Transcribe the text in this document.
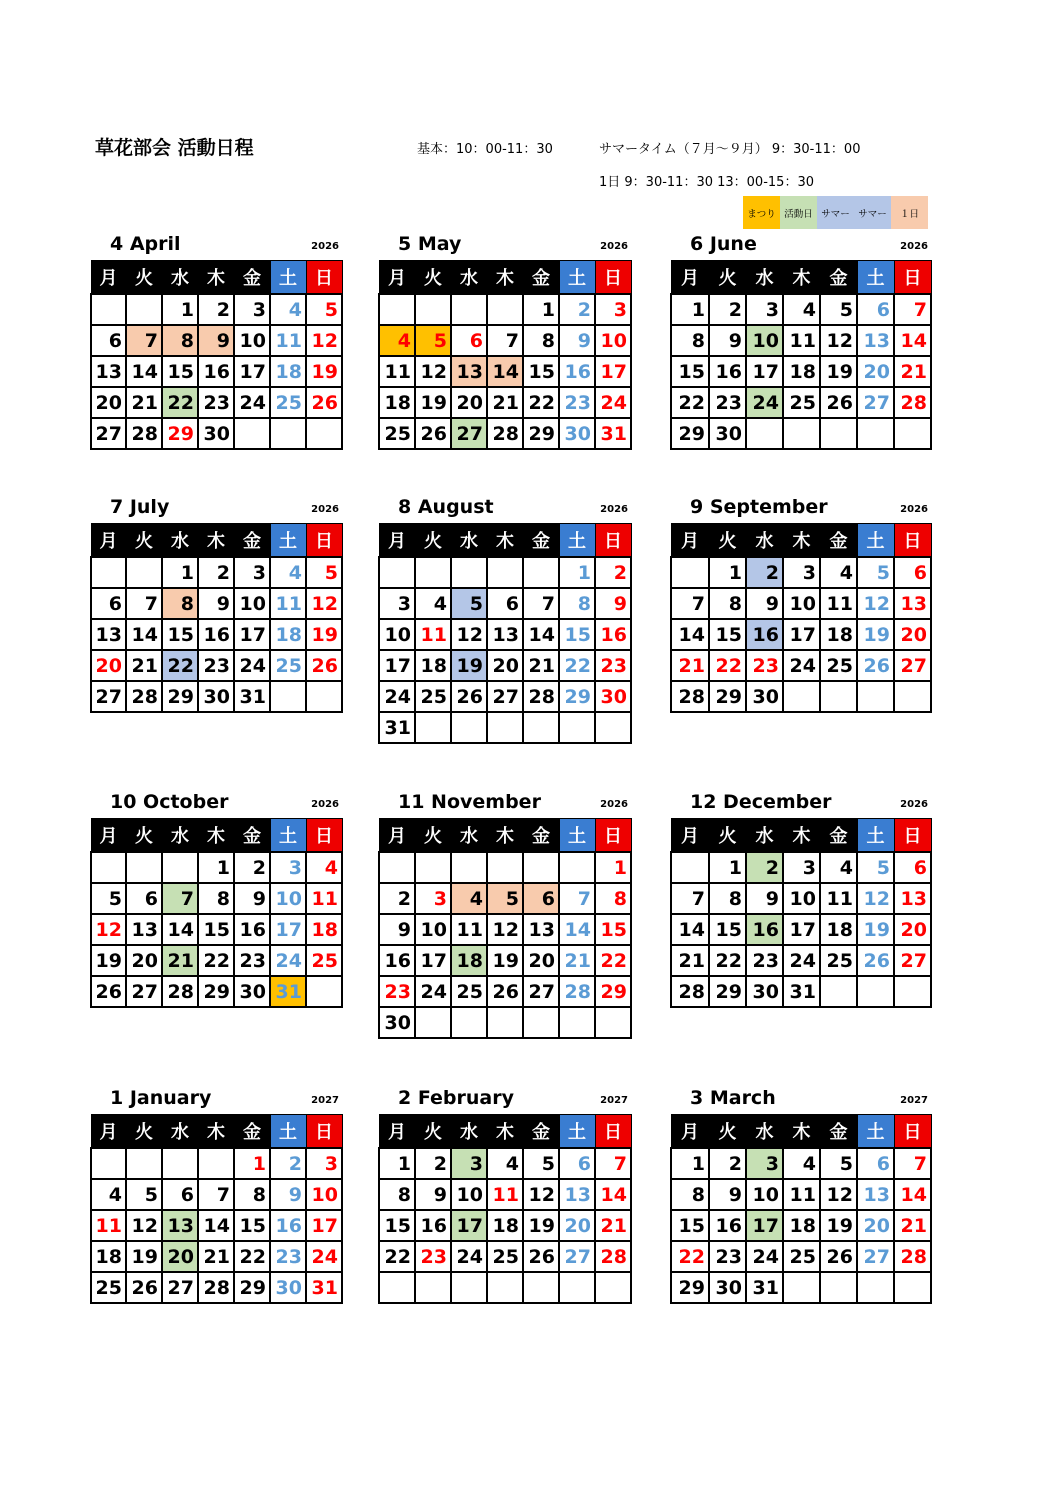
草花部会 活動日程	基本：10：00-11：30	サマータイム（７月～９月） 9：30-11：00
1日 9：30-11：30 13：00-15：30
まつり 活動日 サマー サマー	１日
4 April	2026
月	火	水	木	金	土	日
		1	2	3	4	5
6	7	8	9	10	11	12
13	14	15	16	17	18	19
20	21	22	23	24	25	26
27	28	29	30			
5 May	2026
月	火	水	木	金	土	日
				1	2	3
4	5	6	7	8	9	10
11	12	13	14	15	16	17
18	19	20	21	22	23	24
25	26	27	28	29	30	31
6 June	2026
月	火	水	木	金	土	日
1	2	3	4	5	6	7
8	9	10	11	12	13	14
15	16	17	18	19	20	21
22	23	24	25	26	27	28
29	30					
7 July	2026
月	火	水	木	金	土	日
		1	2	3	4	5
6	7	8	9	10	11	12
13	14	15	16	17	18	19
20	21	22	23	24	25	26
27	28	29	30	31		
8 August	2026
月	火	水	木	金	土	日
					1	2
3	4	5	6	7	8	9
10	11	12	13	14	15	16
17	18	19	20	21	22	23
24	25	26	27	28	29	30
31						
9 September	2026
月	火	水	木	金	土	日
	1	2	3	4	5	6
7	8	9	10	11	12	13
14	15	16	17	18	19	20
21	22	23	24	25	26	27
28	29	30				
10 October	2026
月	火	水	木	金	土	日
			1	2	3	4
5	6	7	8	9	10	11
12	13	14	15	16	17	18
19	20	21	22	23	24	25
26	27	28	29	30	31	
11 November	2026
月	火	水	木	金	土	日
						1
2	3	4	5	6	7	8
9	10	11	12	13	14	15
16	17	18	19	20	21	22
23	24	25	26	27	28	29
30						
12 December	2026
月	火	水	木	金	土	日
	1	2	3	4	5	6
7	8	9	10	11	12	13
14	15	16	17	18	19	20
21	22	23	24	25	26	27
28	29	30	31			
1 January	2027
月	火	水	木	金	土	日
				1	2	3
4	5	6	7	8	9	10
11	12	13	14	15	16	17
18	19	20	21	22	23	24
25	26	27	28	29	30	31
2 February	2027
月	火	水	木	金	土	日
1	2	3	4	5	6	7
8	9	10	11	12	13	14
15	16	17	18	19	20	21
22	23	24	25	26	27	28

3 March	2027
月	火	水	木	金	土	日
1	2	3	4	5	6	7
8	9	10	11	12	13	14
15	16	17	18	19	20	21
22	23	24	25	26	27	28
29	30	31				
